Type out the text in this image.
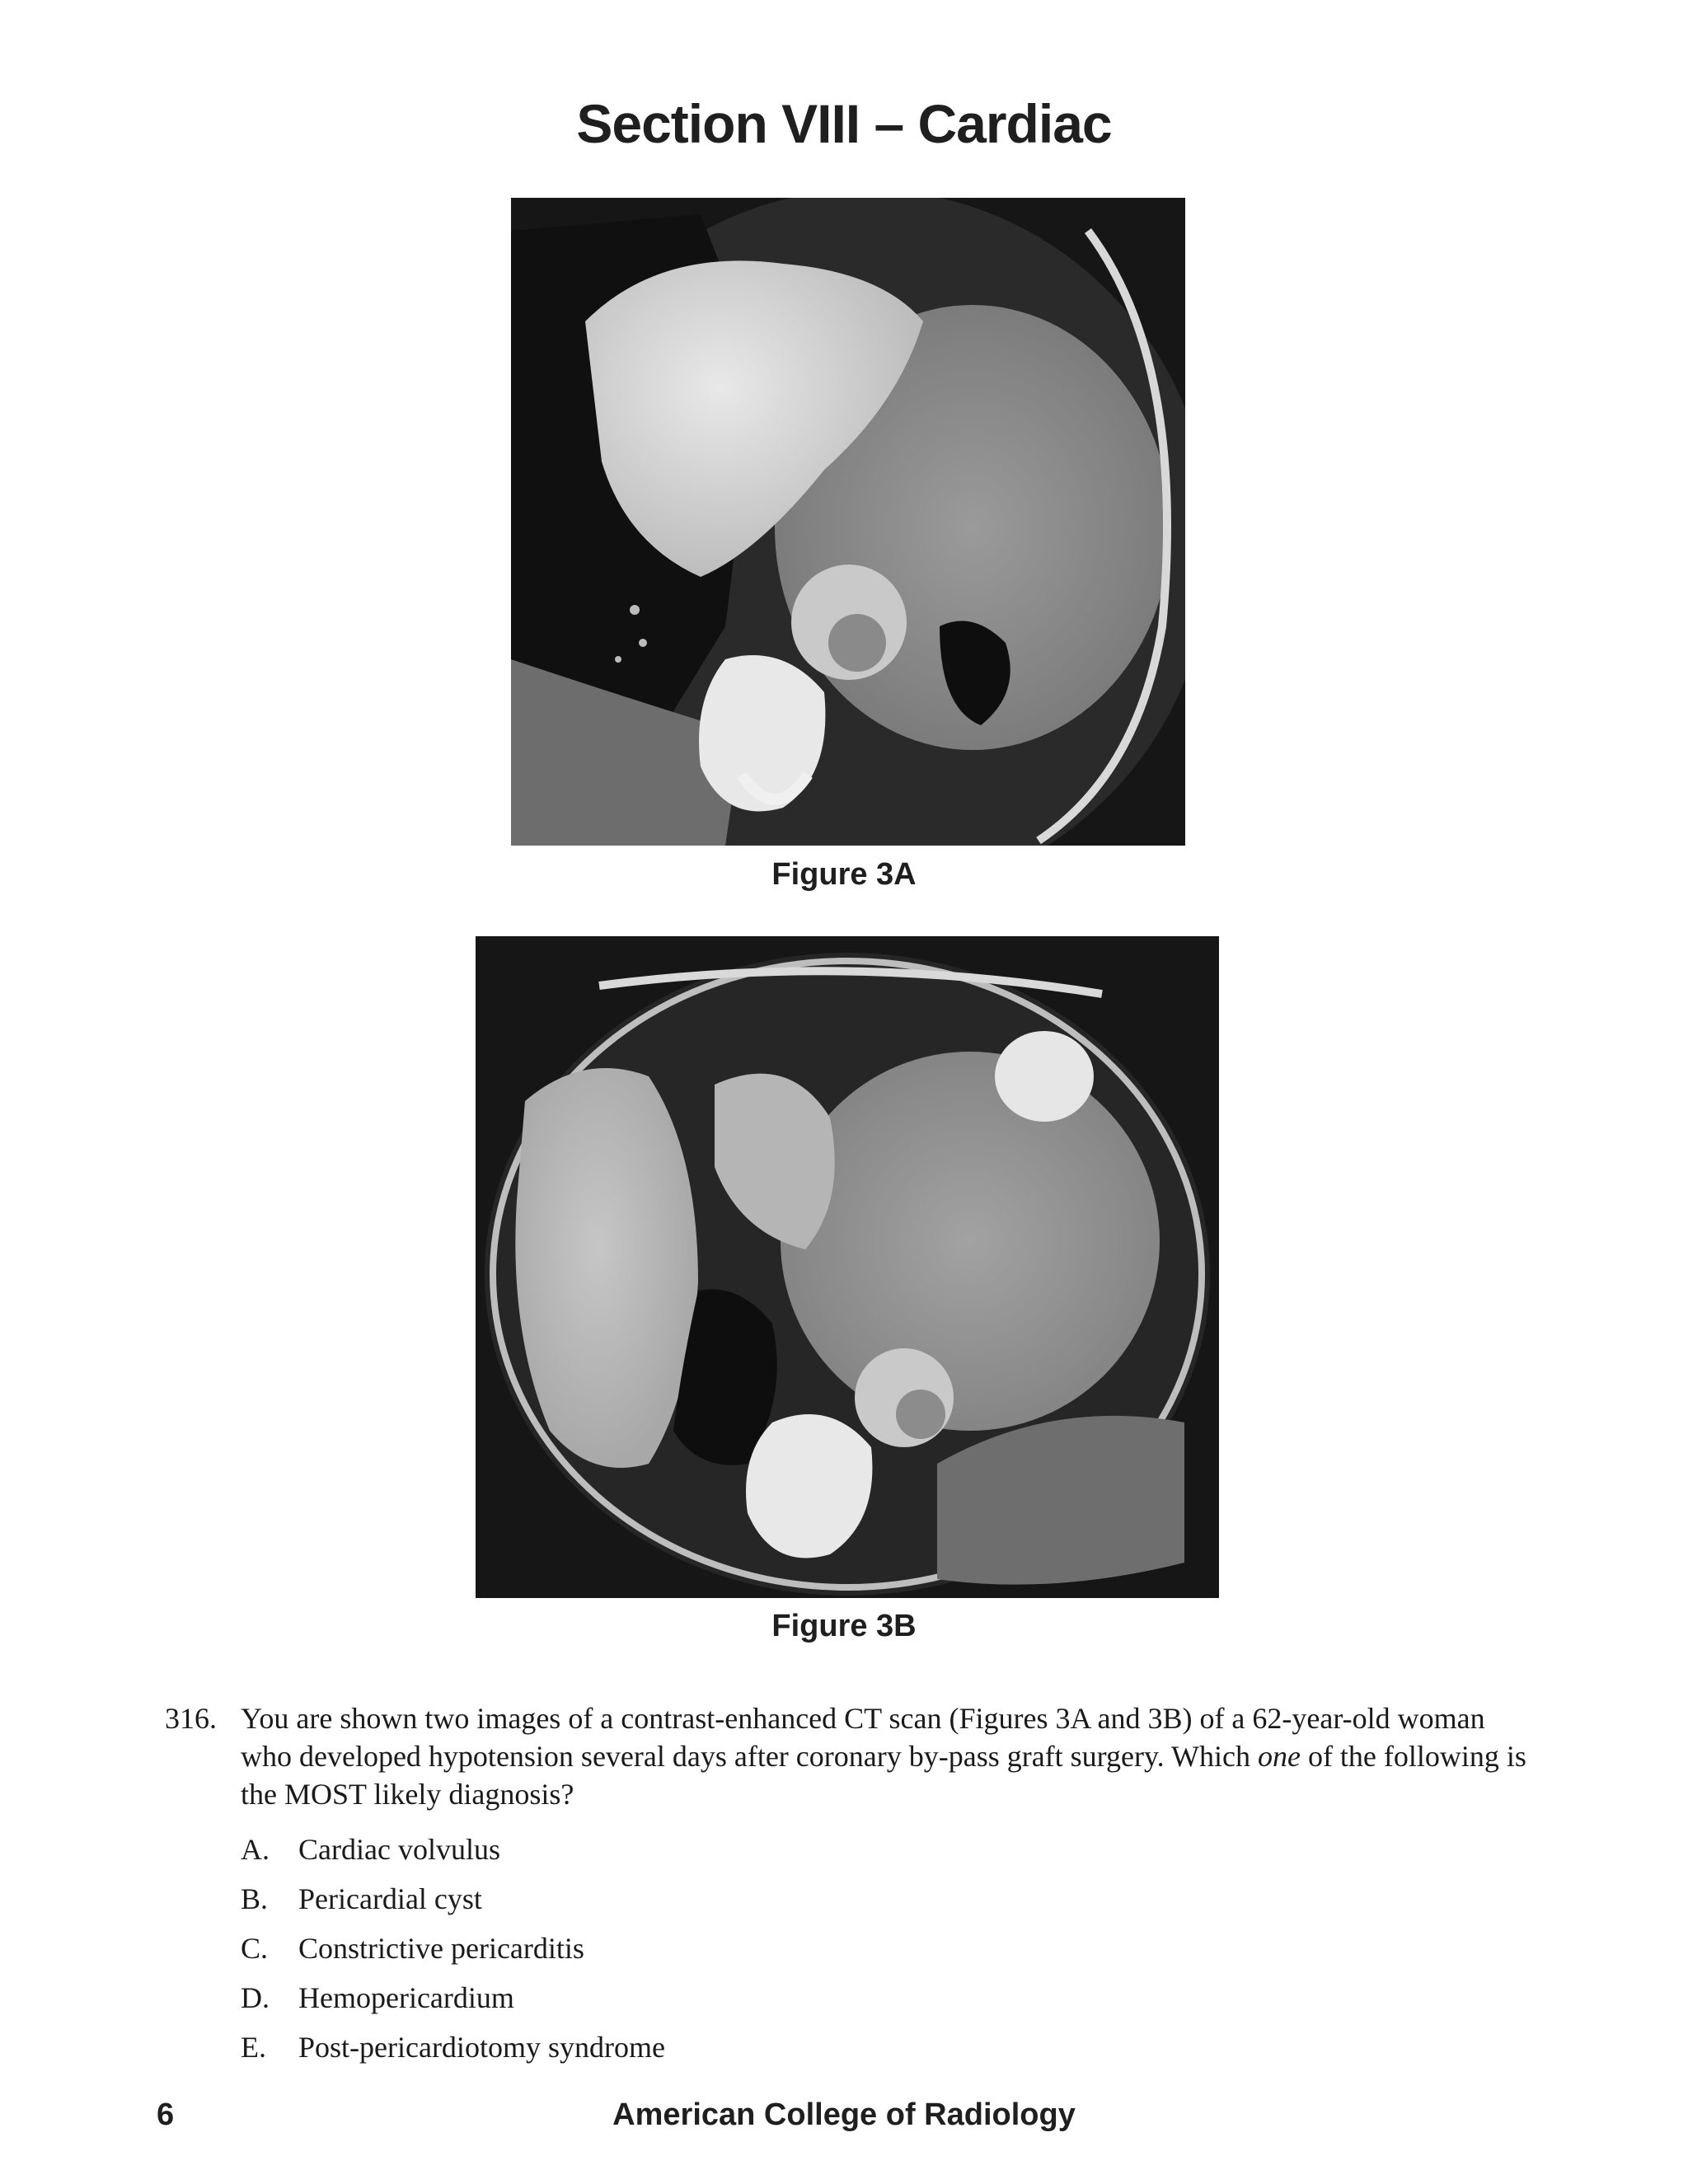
Section VIII – Cardiac
Figure 3A
Figure 3B
316. You are shown two images of a contrast-enhanced CT scan (Figures 3A and 3B) of a 62-year-old woman who developed hypotension several days after coronary by-pass graft surgery. Which one of the following is the MOST likely diagnosis?
A. Cardiac volvulus
B. Pericardial cyst
C. Constrictive pericarditis
D. Hemopericardium
E. Post-pericardiotomy syndrome
6	American College of Radiology
